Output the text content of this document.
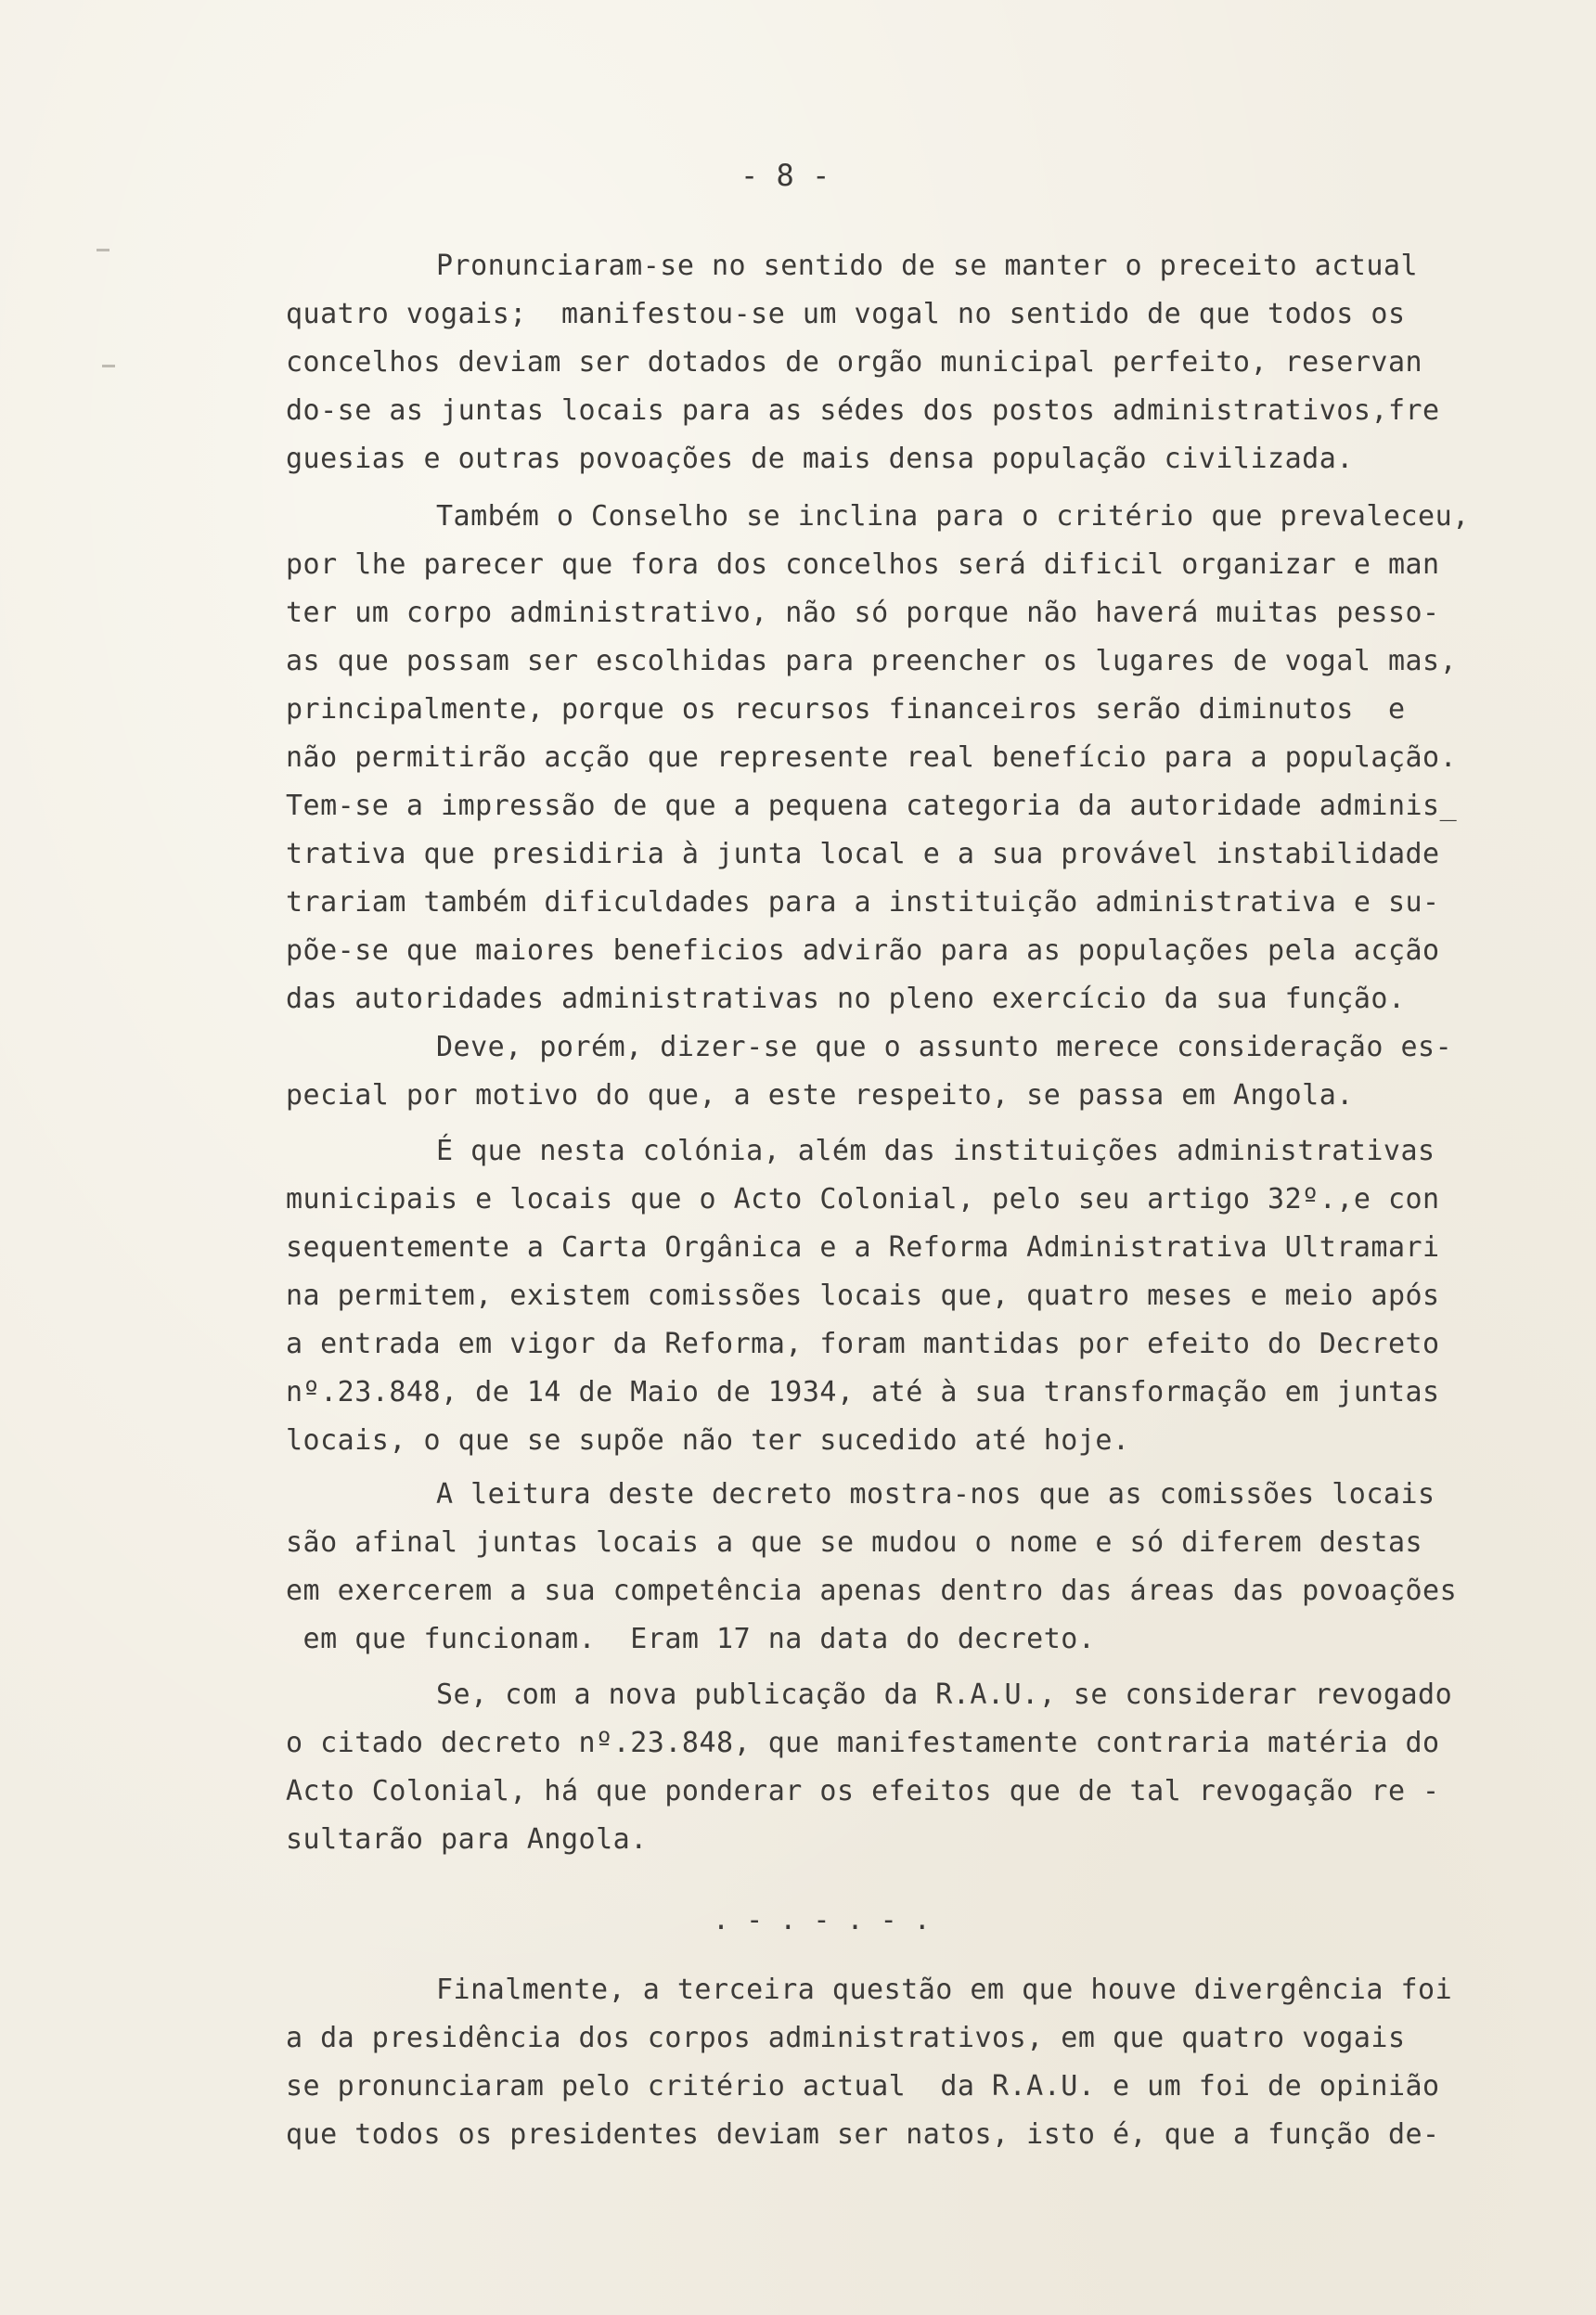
- 8 -
Pronunciaram-se no sentido de se manter o preceito actual
quatro vogais;  manifestou-se um vogal no sentido de que todos os
concelhos deviam ser dotados de orgão municipal perfeito, reservan
do-se as juntas locais para as sédes dos postos administrativos,fre
guesias e outras povoações de mais densa população civilizada.
Também o Conselho se inclina para o critério que prevaleceu,
por lhe parecer que fora dos concelhos será dificil organizar e man
ter um corpo administrativo, não só porque não haverá muitas pesso-
as que possam ser escolhidas para preencher os lugares de vogal mas,
principalmente, porque os recursos financeiros serão diminutos  e
não permitirão acção que represente real benefício para a população.
Tem-se a impressão de que a pequena categoria da autoridade adminis_
trativa que presidiria à junta local e a sua provável instabilidade
trariam também dificuldades para a instituição administrativa e su-
põe-se que maiores beneficios advirão para as populações pela acção
das autoridades administrativas no pleno exercício da sua função.
Deve, porém, dizer-se que o assunto merece consideração es-
pecial por motivo do que, a este respeito, se passa em Angola.
É que nesta colónia, além das instituições administrativas
municipais e locais que o Acto Colonial, pelo seu artigo 32º.,e con
sequentemente a Carta Orgânica e a Reforma Administrativa Ultramari
na permitem, existem comissões locais que, quatro meses e meio após
a entrada em vigor da Reforma, foram mantidas por efeito do Decreto
nº.23.848, de 14 de Maio de 1934, até à sua transformação em juntas
locais, o que se supõe não ter sucedido até hoje.
A leitura deste decreto mostra-nos que as comissões locais
são afinal juntas locais a que se mudou o nome e só diferem destas
em exercerem a sua competência apenas dentro das áreas das povoações
em que funcionam.  Eram 17 na data do decreto.
Se, com a nova publicação da R.A.U., se considerar revogado
o citado decreto nº.23.848, que manifestamente contraria matéria do
Acto Colonial, há que ponderar os efeitos que de tal revogação re -
sultarão para Angola.
. - . - . - .
Finalmente, a terceira questão em que houve divergência foi
a da presidência dos corpos administrativos, em que quatro vogais
se pronunciaram pelo critério actual  da R.A.U. e um foi de opinião
que todos os presidentes deviam ser natos, isto é, que a função de-
